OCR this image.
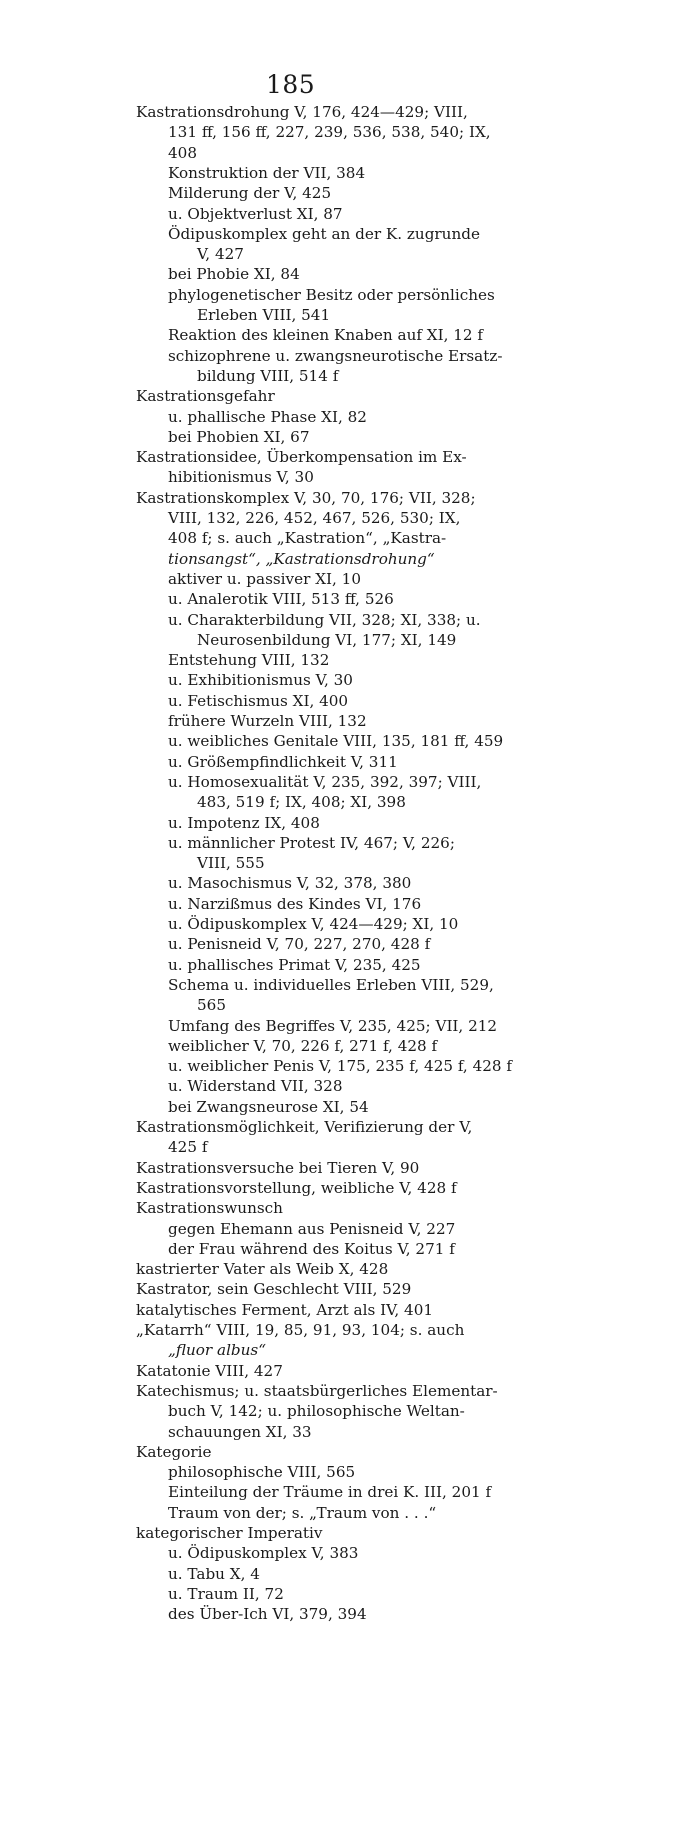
185
Kastrationsdrohung V, 176, 424—429; VIII,
131 ff, 156 ff, 227, 239, 536, 538, 540; IX,
408
Konstruktion der VII, 384
Milderung der V, 425
u. Objektverlust XI, 87
Ödipuskomplex geht an der K. zugrunde
V, 427
bei Phobie XI, 84
phylogenetischer Besitz oder persönliches
Erleben VIII, 541
Reaktion des kleinen Knaben auf XI, 12 f
schizophrene u. zwangsneurotische Ersatz-
bildung VIII, 514 f
Kastrationsgefahr
u. phallische Phase XI, 82
bei Phobien XI, 67
Kastrationsidee, Überkompensation im Ex-
hibitionismus V, 30
Kastrationskomplex V, 30, 70, 176; VII, 328;
VIII, 132, 226, 452, 467, 526, 530; IX,
408 f; s. auch „Kastration“, „Kastra-
tionsangst“, „Kastrationsdrohung“
aktiver u. passiver XI, 10
u. Analerotik VIII, 513 ff, 526
u. Charakterbildung VII, 328; XI, 338; u.
Neurosenbildung VI, 177; XI, 149
Entstehung VIII, 132
u. Exhibitionismus V, 30
u. Fetischismus XI, 400
frühere Wurzeln VIII, 132
u. weibliches Genitale VIII, 135, 181 ff, 459
u. Größempfindlichkeit V, 311
u. Homosexualität V, 235, 392, 397; VIII,
483, 519 f; IX, 408; XI, 398
u. Impotenz IX, 408
u. männlicher Protest IV, 467; V, 226;
VIII, 555
u. Masochismus V, 32, 378, 380
u. Narzißmus des Kindes VI, 176
u. Ödipuskomplex V, 424—429; XI, 10
u. Penisneid V, 70, 227, 270, 428 f
u. phallisches Primat V, 235, 425
Schema u. individuelles Erleben VIII, 529,
565
Umfang des Begriffes V, 235, 425; VII, 212
weiblicher V, 70, 226 f, 271 f, 428 f
u. weiblicher Penis V, 175, 235 f, 425 f, 428 f
u. Widerstand VII, 328
bei Zwangsneurose XI, 54
Kastrationsmöglichkeit, Verifizierung der V,
425 f
Kastrationsversuche bei Tieren V, 90
Kastrationsvorstellung, weibliche V, 428 f
Kastrationswunsch
gegen Ehemann aus Penisneid V, 227
der Frau während des Koitus V, 271 f
kastrierter Vater als Weib X, 428
Kastrator, sein Geschlecht VIII, 529
katalytisches Ferment, Arzt als IV, 401
„Katarrh“ VIII, 19, 85, 91, 93, 104; s. auch
„fluor albus“
Katatonie VIII, 427
Katechismus; u. staatsbürgerliches Elementar-
buch V, 142; u. philosophische Weltan-
schauungen XI, 33
Kategorie
philosophische VIII, 565
Einteilung der Träume in drei K. III, 201 f
Traum von der; s. „Traum von . . .“
kategorischer Imperativ
u. Ödipuskomplex V, 383
u. Tabu X, 4
u. Traum II, 72
des Über-Ich VI, 379, 394
